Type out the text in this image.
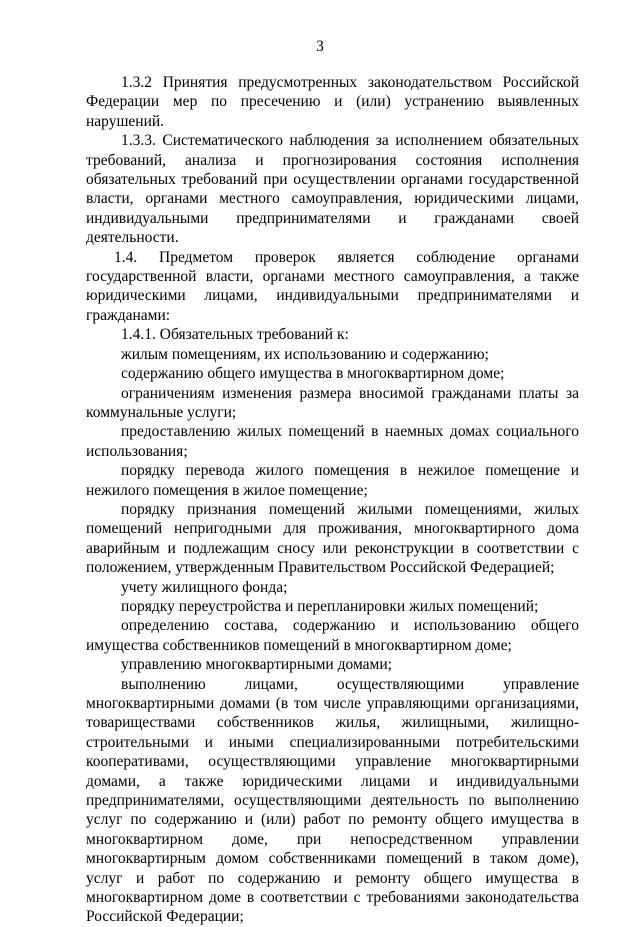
3

1.3.2 Принятия предусмотренных законодательством Российской Федерации мер по пресечению и (или) устранению выявленных нарушений.

1.3.3. Систематического наблюдения за исполнением обязательных требований, анализа и прогнозирования состояния исполнения обязательных требований при осуществлении органами государственной власти, органами местного самоуправления, юридическими лицами, индивидуальными предпринимателями и гражданами своей деятельности.

1.4. Предметом проверок является соблюдение органами государственной власти, органами местного самоуправления, а также юридическими лицами, индивидуальными предпринимателями и гражданами:

1.4.1. Обязательных требований к:

жилым помещениям, их использованию и содержанию;

содержанию общего имущества в многоквартирном доме;

ограничениям изменения размера вносимой гражданами платы за коммунальные услуги;

предоставлению жилых помещений в наемных домах социального использования;

порядку перевода жилого помещения в нежилое помещение и нежилого помещения в жилое помещение;

порядку признания помещений жилыми помещениями, жилых помещений непригодными для проживания, многоквартирного дома аварийным и подлежащим сносу или реконструкции в соответствии с положением, утвержденным Правительством Российской Федерацией;

учету жилищного фонда;

порядку переустройства и перепланировки жилых помещений;

определению состава, содержанию и использованию общего имущества собственников помещений в многоквартирном доме;

управлению многоквартирными домами;

выполнению лицами, осуществляющими управление многоквартирными домами (в том числе управляющими организациями, товариществами собственников жилья, жилищными, жилищно-строительными и иными специализированными потребительскими кооперативами, осуществляющими управление многоквартирными домами, а также юридическими лицами и индивидуальными предпринимателями, осуществляющими деятельность по выполнению услуг по содержанию и (или) работ по ремонту общего имущества в многоквартирном доме, при непосредственном управлении многоквартирным домом собственниками помещений в таком доме), услуг и работ по содержанию и ремонту общего имущества в многоквартирном доме в соответствии с требованиями законодательства Российской Федерации;
